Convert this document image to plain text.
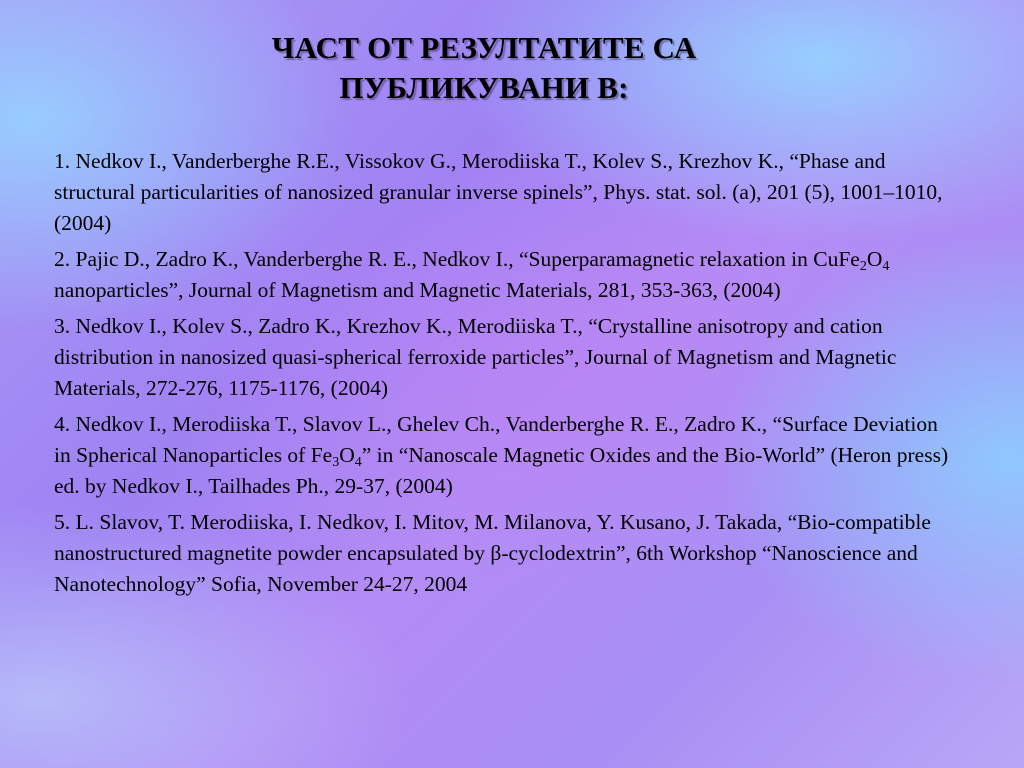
ЧАСТ ОТ РЕЗУЛТАТИТЕ СА
ПУБЛИКУВАНИ В:

1. Nedkov I., Vanderberghe R.E., Vissokov G., Merodiiska T., Kolev S., Krezhov K., “Phase and structural particularities of nanosized granular inverse spinels”, Phys. stat. sol. (a), 201 (5), 1001–1010, (2004)

2. Pajic D., Zadro K., Vanderberghe R. E., Nedkov I., “Superparamagnetic relaxation in $CuFe_2O_4$ nanoparticles”, Journal of Magnetism and Magnetic Materials, 281, 353-363, (2004)

3. Nedkov I., Kolev S., Zadro K., Krezhov K., Merodiiska T., “Crystalline anisotropy and cation distribution in nanosized quasi-spherical ferroxide particles”, Journal of Magnetism and Magnetic Materials, 272-276, 1175-1176, (2004)

4. Nedkov I., Merodiiska T., Slavov L., Ghelev Ch., Vanderberghe R. E., Zadro K., “Surface Deviation in Spherical Nanoparticles of $Fe_3O_4$” in “Nanoscale Magnetic Oxides and the Bio-World” (Heron press) ed. by Nedkov I., Tailhades Ph., 29-37, (2004)

5. L. Slavov, T. Merodiiska, I. Nedkov, I. Mitov, M. Milanova, Y. Kusano, J. Takada, “Bio-compatible nanostructured magnetite powder encapsulated by β-cyclodextrin”, 6th Workshop “Nanoscience and Nanotechnology” Sofia, November 24-27, 2004
